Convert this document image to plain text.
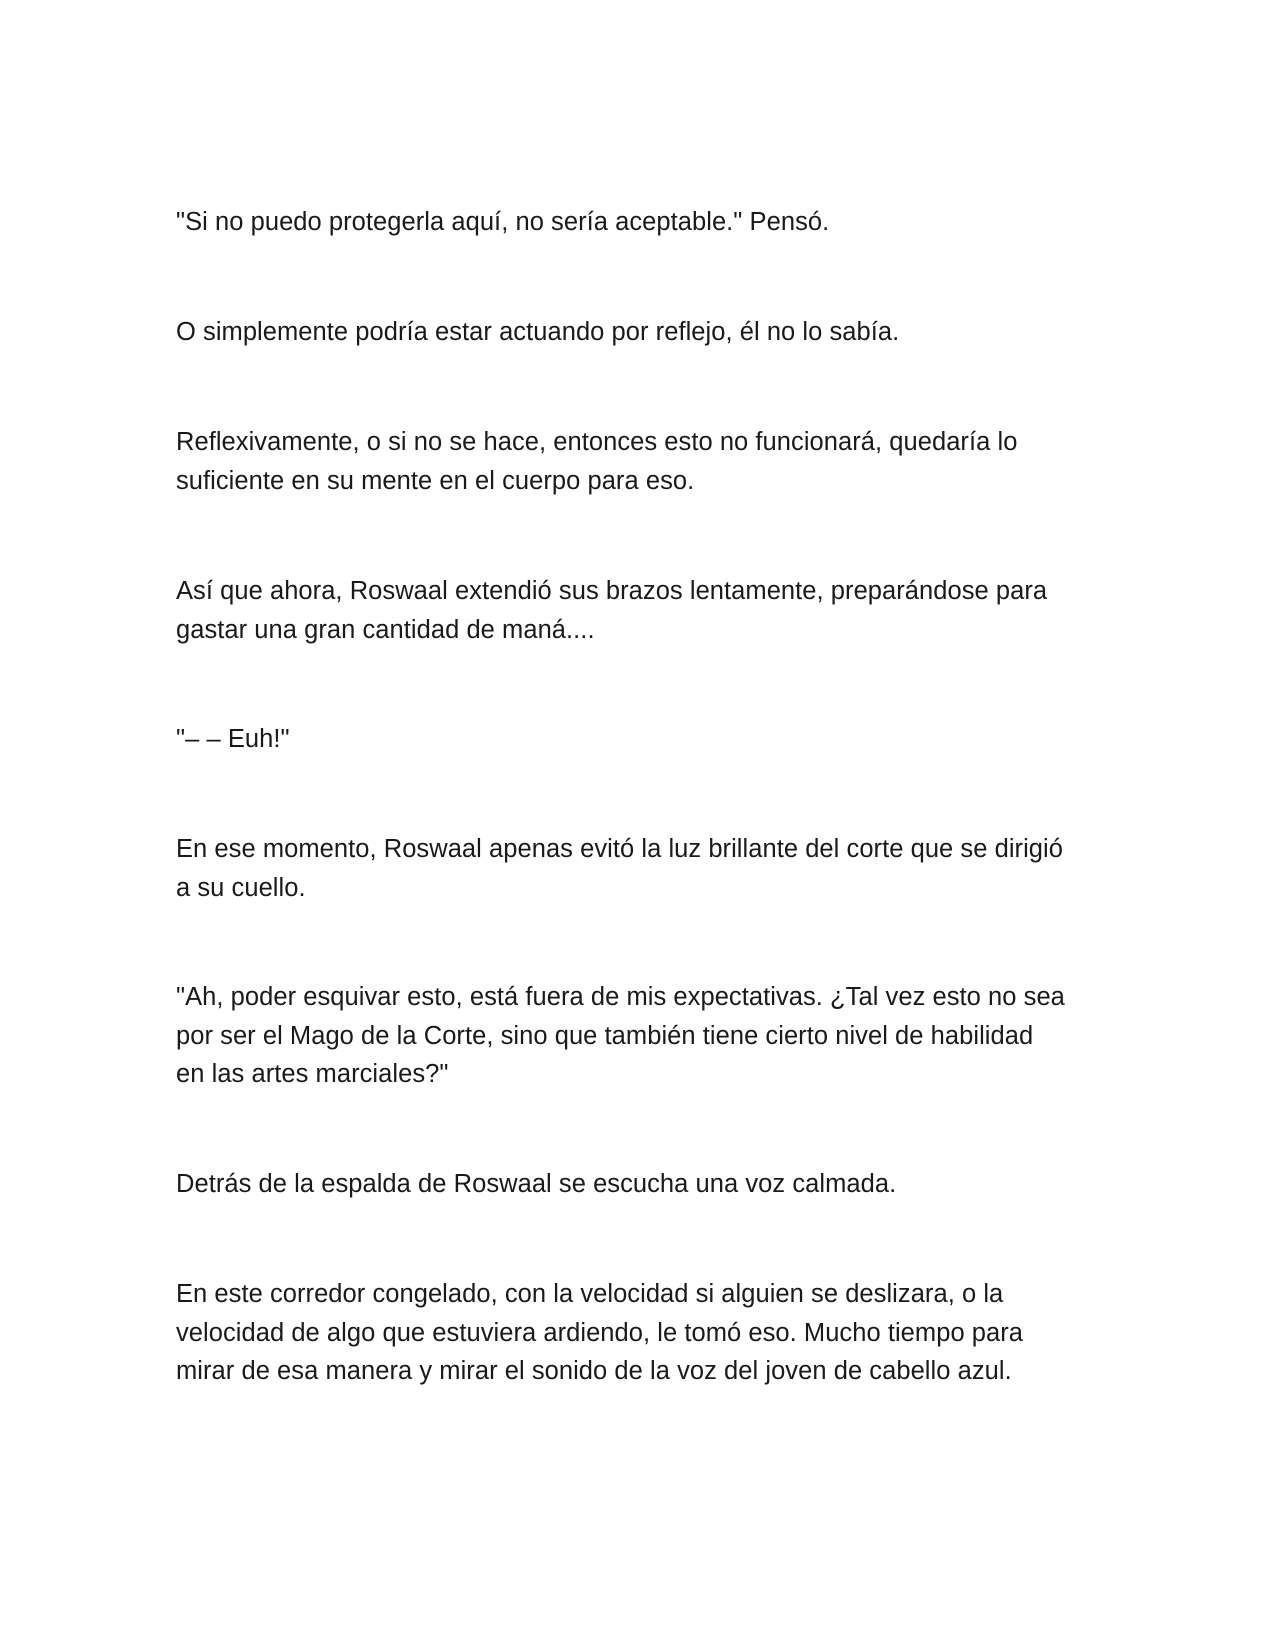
"Si no puedo protegerla aquí, no sería aceptable." Pensó.

O simplemente podría estar actuando por reflejo, él no lo sabía.

Reflexivamente, o si no se hace, entonces esto no funcionará, quedaría lo
suficiente en su mente en el cuerpo para eso.

Así que ahora, Roswaal extendió sus brazos lentamente, preparándose para
gastar una gran cantidad de maná....

"– – Euh!"

En ese momento, Roswaal apenas evitó la luz brillante del corte que se dirigió
a su cuello.

"Ah, poder esquivar esto, está fuera de mis expectativas. ¿Tal vez esto no sea
por ser el Mago de la Corte, sino que también tiene cierto nivel de habilidad
en las artes marciales?"

Detrás de la espalda de Roswaal se escucha una voz calmada.

En este corredor congelado, con la velocidad si alguien se deslizara, o la
velocidad de algo que estuviera ardiendo, le tomó eso. Mucho tiempo para
mirar de esa manera y mirar el sonido de la voz del joven de cabello azul.
